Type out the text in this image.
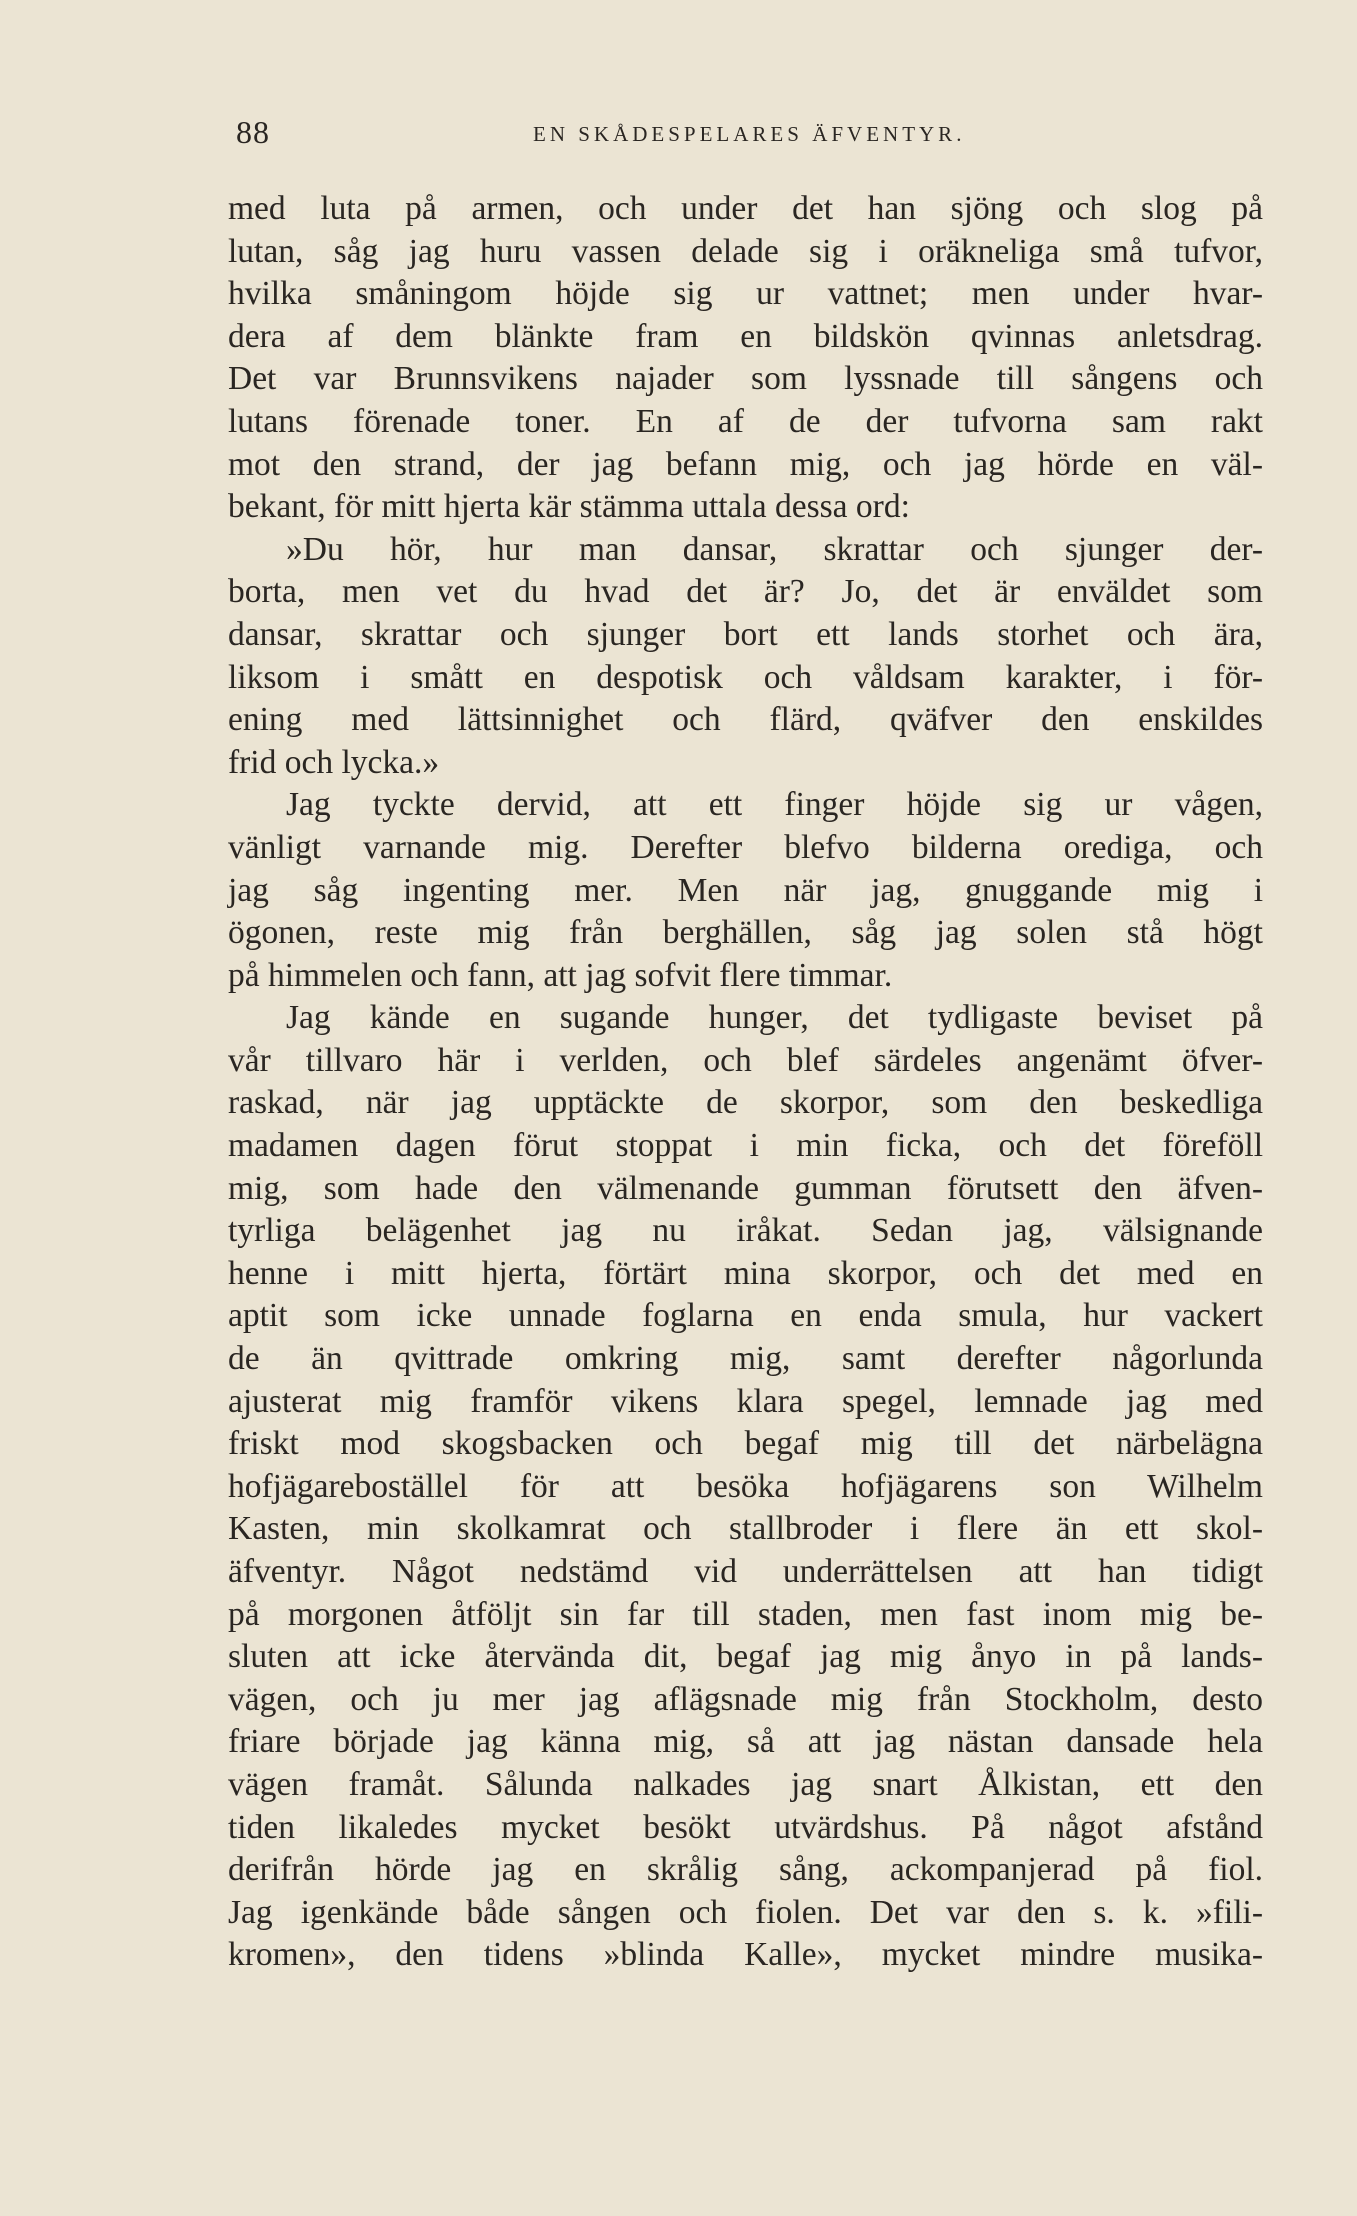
88	EN SKÅDESPELARES ÄFVENTYR.
med luta på armen, och under det han sjöng och slog på
lutan, såg jag huru vassen delade sig i oräkneliga små tufvor,
hvilka småningom höjde sig ur vattnet; men under hvar-
dera af dem blänkte fram en bildskön qvinnas anletsdrag.
Det var Brunnsvikens najader som lyssnade till sångens och
lutans förenade toner. En af de der tufvorna sam rakt
mot den strand, der jag befann mig, och jag hörde en väl-
bekant, för mitt hjerta kär stämma uttala dessa ord:
»Du hör, hur man dansar, skrattar och sjunger der-
borta, men vet du hvad det är? Jo, det är enväldet som
dansar, skrattar och sjunger bort ett lands storhet och ära,
liksom i smått en despotisk och våldsam karakter, i för-
ening med lättsinnighet och flärd, qväfver den enskildes
frid och lycka.»
Jag tyckte dervid, att ett finger höjde sig ur vågen,
vänligt varnande mig. Derefter blefvo bilderna orediga, och
jag såg ingenting mer. Men när jag, gnuggande mig i
ögonen, reste mig från berghällen, såg jag solen stå högt
på himmelen och fann, att jag sofvit flere timmar.
Jag kände en sugande hunger, det tydligaste beviset på
vår tillvaro här i verlden, och blef särdeles angenämt öfver-
raskad, när jag upptäckte de skorpor, som den beskedliga
madamen dagen förut stoppat i min ficka, och det föreföll
mig, som hade den välmenande gumman förutsett den äfven-
tyrliga belägenhet jag nu iråkat. Sedan jag, välsignande
henne i mitt hjerta, förtärt mina skorpor, och det med en
aptit som icke unnade foglarna en enda smula, hur vackert
de än qvittrade omkring mig, samt derefter någorlunda
ajusterat mig framför vikens klara spegel, lemnade jag med
friskt mod skogsbacken och begaf mig till det närbelägna
hofjägareboställel för att besöka hofjägarens son Wilhelm
Kasten, min skolkamrat och stallbroder i flere än ett skol-
äfventyr. Något nedstämd vid underrättelsen att han tidigt
på morgonen åtföljt sin far till staden, men fast inom mig be-
sluten att icke återvända dit, begaf jag mig ånyo in på lands-
vägen, och ju mer jag aflägsnade mig från Stockholm, desto
friare började jag känna mig, så att jag nästan dansade hela
vägen framåt. Sålunda nalkades jag snart Ålkistan, ett den
tiden likaledes mycket besökt utvärdshus. På något afstånd
derifrån hörde jag en skrålig sång, ackompanjerad på fiol.
Jag igenkände både sången och fiolen. Det var den s. k. »fili-
kromen», den tidens »blinda Kalle», mycket mindre musika-
